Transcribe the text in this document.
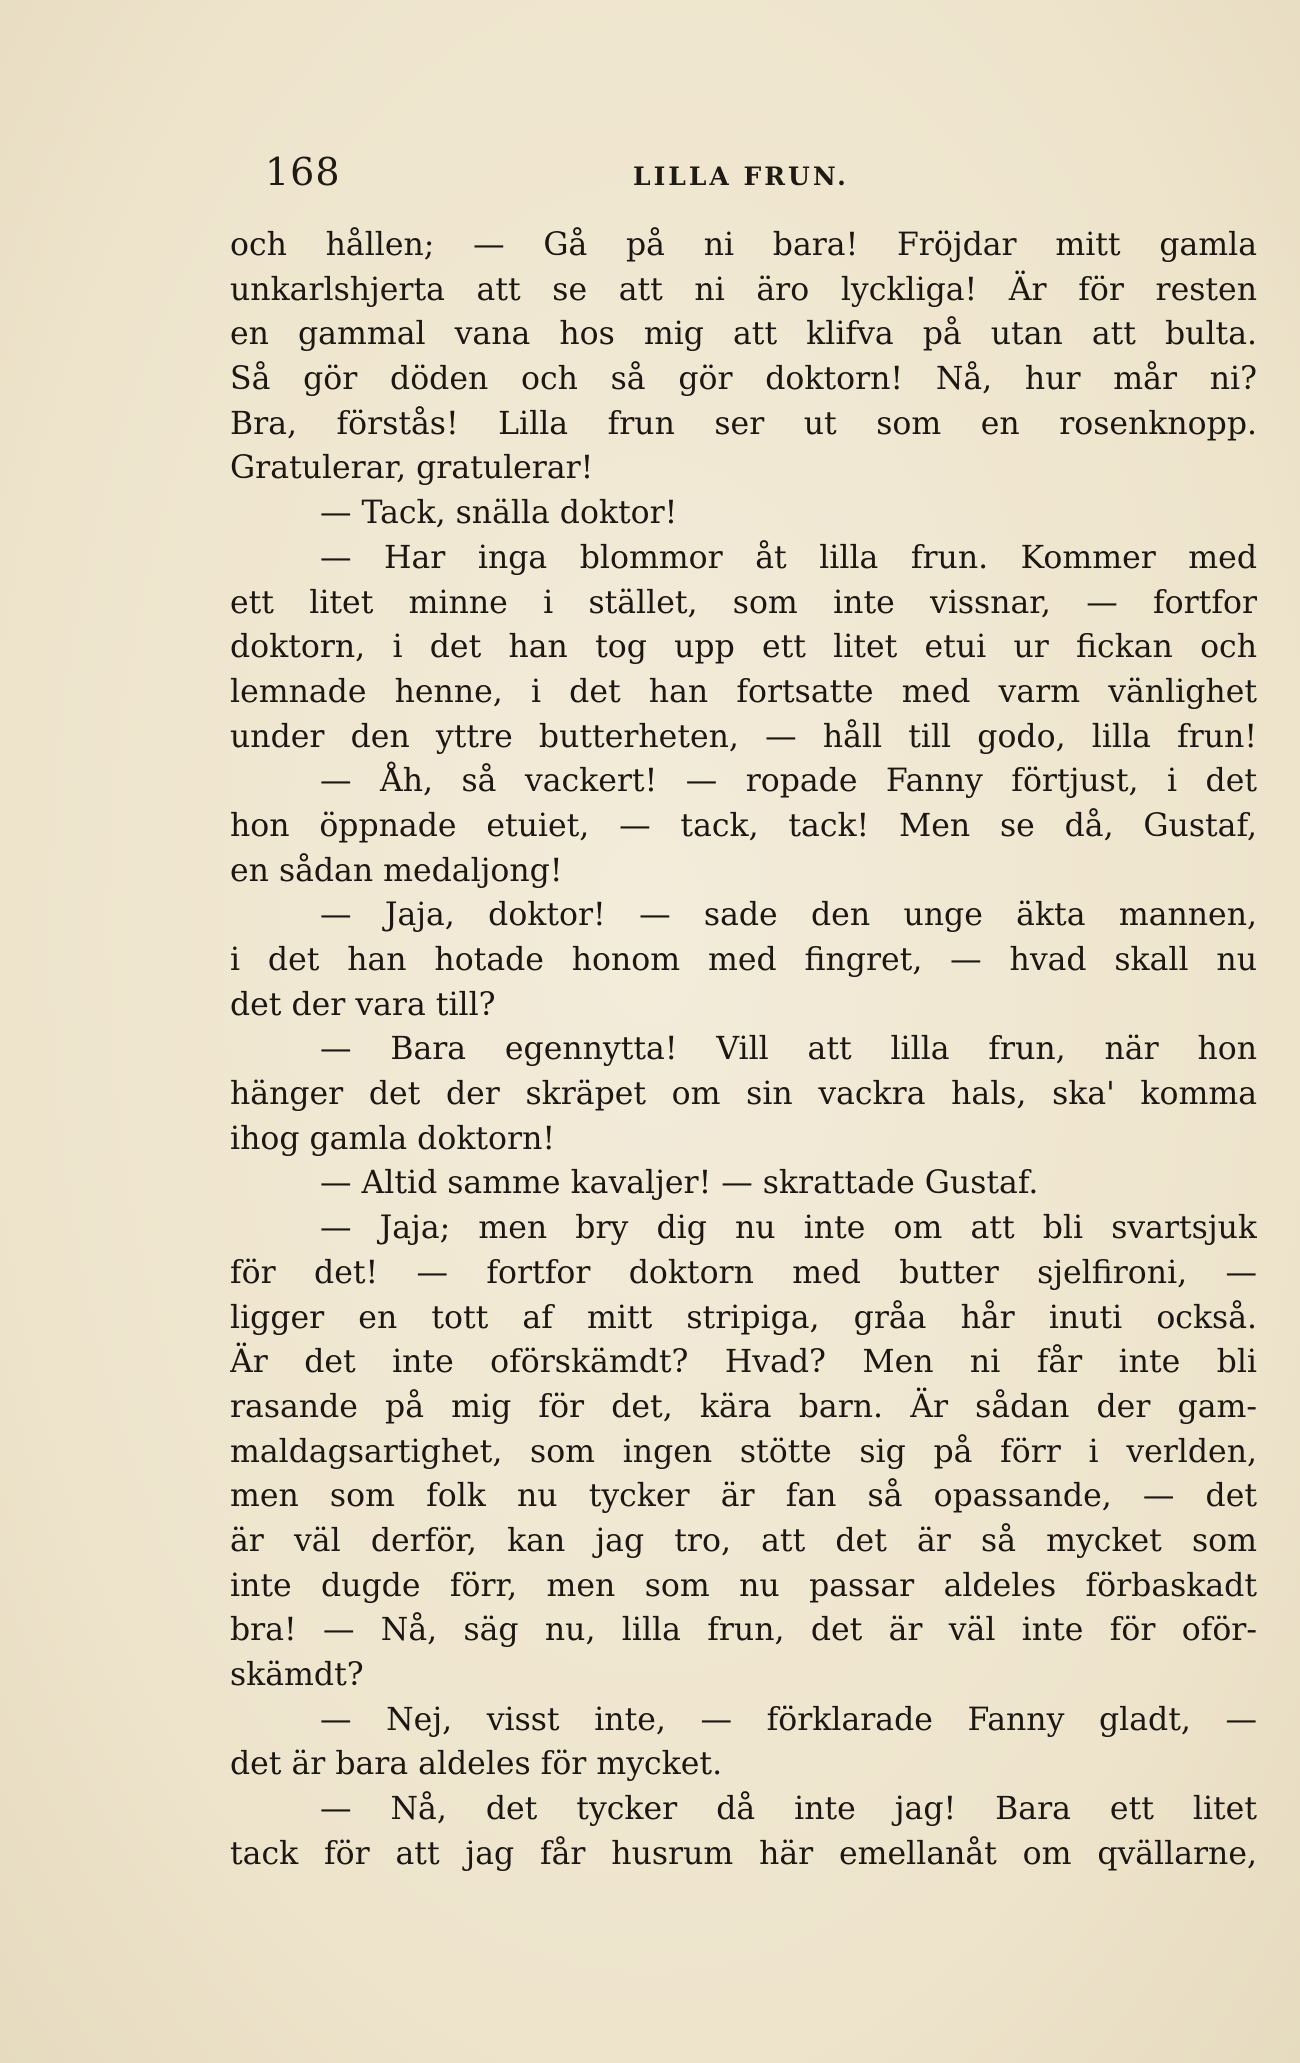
168	LILLA FRUN.
och hållen; — Gå på ni bara! Fröjdar mitt gamla
unkarlshjerta att se att ni äro lyckliga! Är för resten
en gammal vana hos mig att klifva på utan att bulta.
Så gör döden och så gör doktorn! Nå, hur mår ni?
Bra, förstås! Lilla frun ser ut som en rosenknopp.
Gratulerar, gratulerar!
— Tack, snälla doktor!
— Har inga blommor åt lilla frun. Kommer med
ett litet minne i stället, som inte vissnar, — fortfor
doktorn, i det han tog upp ett litet etui ur fickan och
lemnade henne, i det han fortsatte med varm vänlighet
under den yttre butterheten, — håll till godo, lilla frun!
— Åh, så vackert! — ropade Fanny förtjust, i det
hon öppnade etuiet, — tack, tack! Men se då, Gustaf,
en sådan medaljong!
— Jaja, doktor! — sade den unge äkta mannen,
i det han hotade honom med fingret, — hvad skall nu
det der vara till?
— Bara egennytta! Vill att lilla frun, när hon
hänger det der skräpet om sin vackra hals, ska' komma
ihog gamla doktorn!
— Altid samme kavaljer! — skrattade Gustaf.
— Jaja; men bry dig nu inte om att bli svartsjuk
för det! — fortfor doktorn med butter sjelfironi, —
ligger en tott af mitt stripiga, gråa hår inuti också.
Är det inte oförskämdt? Hvad? Men ni får inte bli
rasande på mig för det, kära barn. Är sådan der gam-
maldagsartighet, som ingen stötte sig på förr i verlden,
men som folk nu tycker är fan så opassande, — det
är väl derför, kan jag tro, att det är så mycket som
inte dugde förr, men som nu passar aldeles förbaskadt
bra! — Nå, säg nu, lilla frun, det är väl inte för oför-
skämdt?
— Nej, visst inte, — förklarade Fanny gladt, —
det är bara aldeles för mycket.
— Nå, det tycker då inte jag! Bara ett litet
tack för att jag får husrum här emellanåt om qvällarne,
